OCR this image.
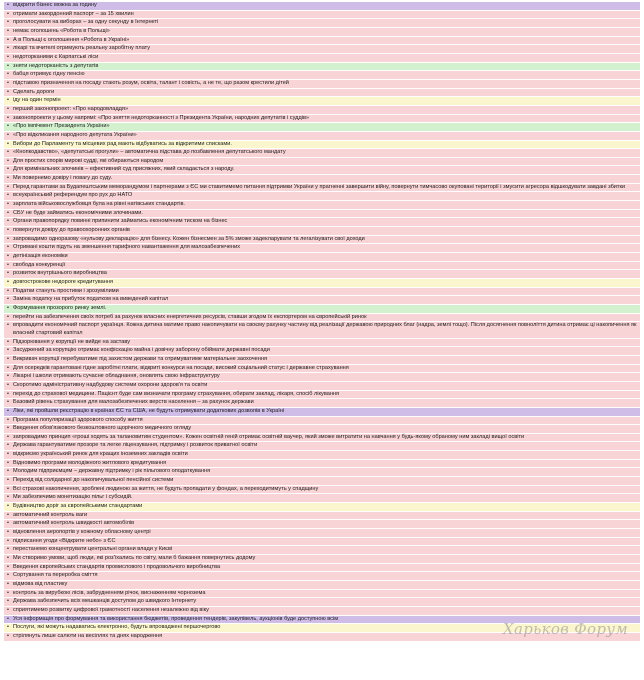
• відкрити бізнес можна за годину
• отримати закордонний паспорт – за 15 хвилин
• проголосувати на виборах – за одну секунду в Інтернеті
• немає оголошень «Робота в Польщі»
• А в Польщі є оголошення «Робота в Україні»
• лікарі та вчителі отримують реальну заробітну плату
• недоторканими є Карпатські ліси
• зняти недоторканість з депутатів
• бабця отримує гідну пенсію
• підставою призначення на посаду стають розум, освіта, талант і совість, а не те, що разом крестили дітей
• Сделать дороги
• іду на один термін
• перший законопроект: «Про народовладдя»
• законопроекти у цьому напрямі: «Про зняття недоторканності з Президента України, народних депутатів і суддів»
• «Про імпічмент Президента України»
• «Про відкликання народного депутата України»
• Вибори до Парламенту та місцевих рад мають відбуватись за відкритими списками.
• «Кнопкодавство», «депутатські прогули» – автоматична підстава до позбавлення депутатського мандату
• Для простих спорів мирові судді, які обираються народом
• Для кримінальних злочинів – ефективний суд присяжних, який складається з народу.
• Ми повернемо довіру і повагу до суду.
• Перед гарантами за Будапештським меморандумом і партнерами з ЄС ми ставитимемо питання підтримки України у прагненні завершити війну, повернути тимчасово окуповані території і змусити агресора відшкодувати завдані збитки
• всеукраїнський референдум про рух до НАТО
• зарплата військовослужбовця була на рівні натівських стандартів.
• СБУ не буде займатись економічними злочинами.
• Органи правопорядку повинні припинити займатись економічним тиском на бізнес
• повернути довіру до правоохоронних органів
• запровадимо одноразову «нульову декларацію» для бізнесу. Кожен бізнесмен за 5% зможе задекларувати та легалізувати свої доходи
• Отримані кошти підуть на зменшення тарифного навантаження для малозабезпечених
• детінізація економіки
• свобода конкуренції
• розвиток внутрішнього виробництва
• довгострокове недороге кредитування
• Податки стануть простими і зрозумілими
• Заміна податку на прибуток податком на виведений капітал
• Формування прозорого ринку землі.
• перейти на забезпечення своїх потреб за рахунок власних енергетичних ресурсів, ставши згодом їх експортером на європейській ринок
• впровадити економічний паспорт українця. Кожна дитина матиме право накопичувати на своєму рахунку частину від реалізації державою природних благ (надра, землі тощо). Після досягнення повноліття дитина отримає ці накопичення як власний стартовий капітал
• Підзорювання у корупції не вийде на заставу
• Засуджений за корупцію отримає конфіскацію майна і довічну заборону обіймати державні посади
• Викривач корупції перебуватиме під захистом держави та отримуватиме матеріальне заохочення
• Для осередків гарантовані гідне заробітні плати, відкриті конкурси на посади, високий соціальний статус і державне страхування
• Лікарні і школи отримають сучасне обладнання, оновлять свою інфраструктуру
• Скоротимо адміністративну надбудову системи охорони здоров'я та освіти
• перехід до страхової медицини. Пацієнт буде сам визначати програму страхування, обирати заклад, лікаря, спосіб лікування
• Базовий рівень страхування для малозабезпечених верств населення – за рахунок держави
• Ліки, які пройшли реєстрацію в країнах ЄС та США, не будуть отримувати додаткових дозволів в Україні
• Програма популяризації здорового способу життя
• Введення обов'язкового безкоштовного щорічного медичного огляду
• запровадимо принцип «гроші ходять за талановитим студентом». Кожен освітній геній отримає освітній ваучер, який зможе витратити на навчання у будь-якому обраному ним закладі вищої освіти
• Держава гарантуватиме прозоре та легке ліцензування, підтримку і розвиток приватної освіти
• відкриємо український ринок для кращих іноземних закладів освіти
• Відновимо програми молодіжного житлового кредитування
• Молодим підприємцям – державну підтримку і рік пільгового оподаткування
• Перехід від солідарної до накопичувальної пенсійної системи
• Всі страхові накопичення, зроблені людиною за життя, не будуть пропадати у фондах, а переходитимуть у спадщину
• Ми забезпечимо монетизацію пільг і субсидій.
• Будівництво доріг за європейськими стандартами
• автоматичний контроль ваги
• автоматичний контроль швидкості автомобілів
• відновлення аеропортів у кожному обласному центрі
• підписання угоди «Відкрите небо» з ЄС
• перестанемо концентрувати центральні органи влади у Києві
• Ми створимо умови, щоб люди, які роз'їхались по світу, мали б бажання повернутись додому
• Введення європейських стандартів промислового і продовольчого виробництва
• Сортування та переробка сміття
• відмова від пластику
• контроль за вирубкою лісів, забрудненням річок, виснаженням чорнозема
• Держава забезпечить всіх мешканців доступом до швидкого Інтернету
• сприятимемо розвитку цифрової грамотності населення незалежно від віку
• Уся інформація про формування та використання бюджетів, проведення тендерів, закупівель, аукціонів буде доступною всім
• Послуги, які можуть надаватись електронно, будуть впроваджені першочергово
• стрілянуть лише салюти на весіллях та днях народження	Харьков Форум
